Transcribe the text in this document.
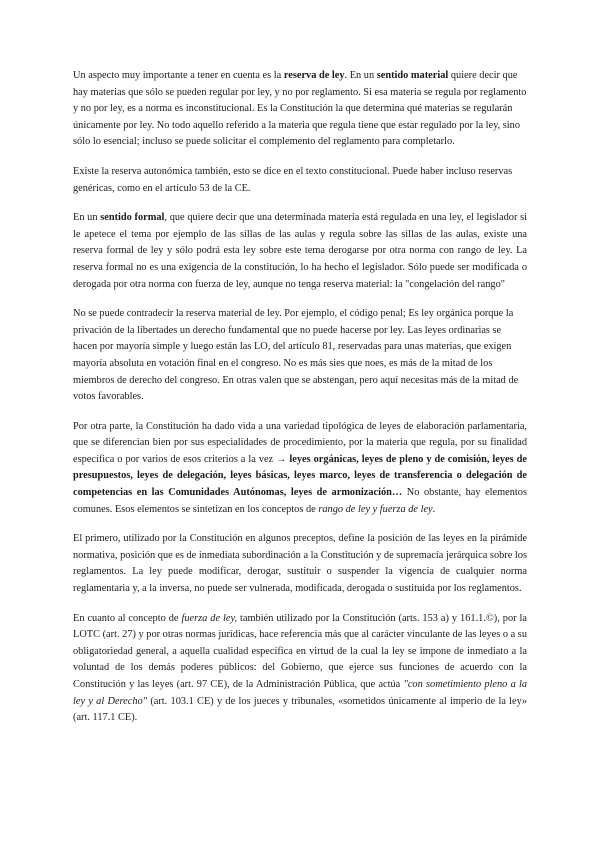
Un aspecto muy importante a tener en cuenta es la reserva de ley. En un sentido material quiere decir que hay materias que sólo se pueden regular por ley, y no por reglamento. Si esa materia se regula por reglamento y no por ley, es a norma es inconstitucional. Es la Constitución la que determina qué materias se regularán únicamente por ley. No todo aquello referido a la materia que regula tiene que estar regulado por la ley, sino sólo lo esencial; incluso se puede solicitar el complemento del reglamento para completarlo.

Existe la reserva autonómica también, esto se dice en el texto constitucional. Puede haber incluso reservas genéricas, como en el artículo 53 de la CE.

En un sentido formal, que quiere decir que una determinada materia está regulada en una ley, el legislador si le apetece el tema por ejemplo de las sillas de las aulas y regula sobre las sillas de las aulas, existe una reserva formal de ley y sólo podrá esta ley sobre este tema derogarse por otra norma con rango de ley. La reserva formal no es una exigencia de la constitución, lo ha hecho el legislador. Sólo puede ser modificada o derogada por otra norma con fuerza de ley, aunque no tenga reserva material: la "congelación del rango"

No se puede contradecir la reserva material de ley. Por ejemplo, el código penal; Es ley orgánica porque la privación de la libertades un derecho fundamental que no puede hacerse por ley. Las leyes ordinarias se hacen por mayoría simple y luego están las LO, del artículo 81, reservadas para unas materias, que exigen mayoría absoluta en votación final en el congreso. No es más sies que noes, es más de la mitad de los miembros de derecho del congreso. En otras valen que se abstengan, pero aquí necesitas más de la mitad de votos favorables.

Por otra parte, la Constitución ha dado vida a una variedad tipológica de leyes de elaboración parlamentaria, que se diferencian bien por sus especialidades de procedimiento, por la materia que regula, por su finalidad específica o por varios de esos criterios a la vez → leyes orgánicas, leyes de pleno y de comisión, leyes de presupuestos, leyes de delegación, leyes básicas, leyes marco, leyes de transferencia o delegación de competencias en las Comunidades Autónomas, leyes de armonización… No obstante, hay elementos comunes. Esos elementos se sintetizan en los conceptos de rango de ley y fuerza de ley.

El primero, utilizado por la Constitución en algunos preceptos, define la posición de las leyes en la pirámide normativa, posición que es de inmediata subordinación a la Constitución y de supremacía jerárquica sobre los reglamentos. La ley puede modificar, derogar, sustituir o suspender la vigencia de cualquier norma reglamentaria y, a la inversa, no puede ser vulnerada, modificada, derogada o sustituida por los reglamentos.

En cuanto al concepto de fuerza de ley, también utilizado por la Constitución (arts. 153 a) y 161.1.©), por la LOTC (art. 27) y por otras normas jurídicas, hace referencia más que al carácter vinculante de las leyes o a su obligatoriedad general, a aquella cualidad específica en virtud de la cual la ley se impone de inmediato a la voluntad de los demás poderes públicos: del Gobierno, que ejerce sus funciones de acuerdo con la Constitución y las leyes (art. 97 CE), de la Administración Pública, que actúa "con sometimiento pleno a la ley y al Derecho" (art. 103.1 CE) y de los jueces y tribunales, «sometidos únicamente al imperio de la ley» (art. 117.1 CE).
